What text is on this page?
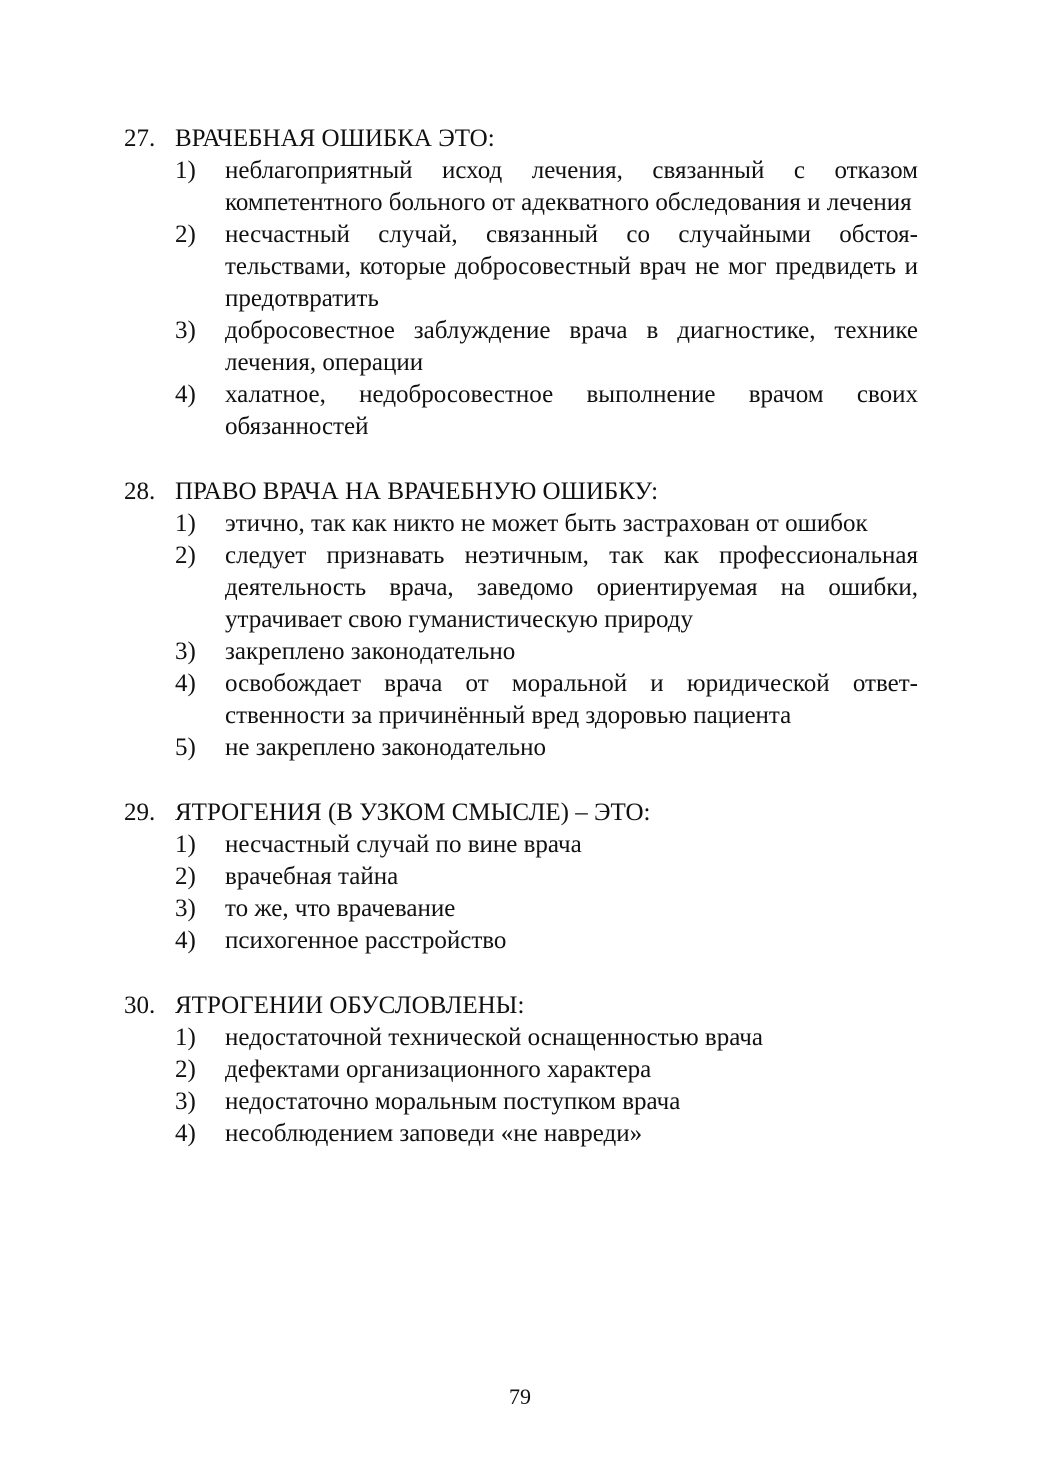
27. ВРАЧЕБНАЯ ОШИБКА ЭТО:
1)	неблагоприятный исход лечения, связанный с отказом компетентного больного от адекватного обследования и лечения
2)	несчастный случай, связанный со случайными обстоятельствами, которые добросовестный врач не мог предвидеть и предотвратить
3)	добросовестное заблуждение врача в диагностике, технике лечения, операции
4)	халатное, недобросовестное выполнение врачом своих обязанностей
28. ПРАВО ВРАЧА НА ВРАЧЕБНУЮ ОШИБКУ:
1)	этично, так как никто не может быть застрахован от ошибок
2)	следует признавать неэтичным, так как профессиональная деятельность врача, заведомо ориентируемая на ошибки, утрачивает свою гуманистическую природу
3)	закреплено законодательно
4)	освобождает врача от моральной и юридической ответственности за причинённый вред здоровью пациента
5)	не закреплено законодательно
29. ЯТРОГЕНИЯ (В УЗКОМ СМЫСЛЕ) – ЭТО:
1)	несчастный случай по вине врача
2)	врачебная тайна
3)	то же, что врачевание
4)	психогенное расстройство
30. ЯТРОГЕНИИ ОБУСЛОВЛЕНЫ:
1)	недостаточной технической оснащенностью врача
2)	дефектами организационного характера
3)	недостаточно моральным поступком врача
4)	несоблюдением заповеди «не навреди»
79
